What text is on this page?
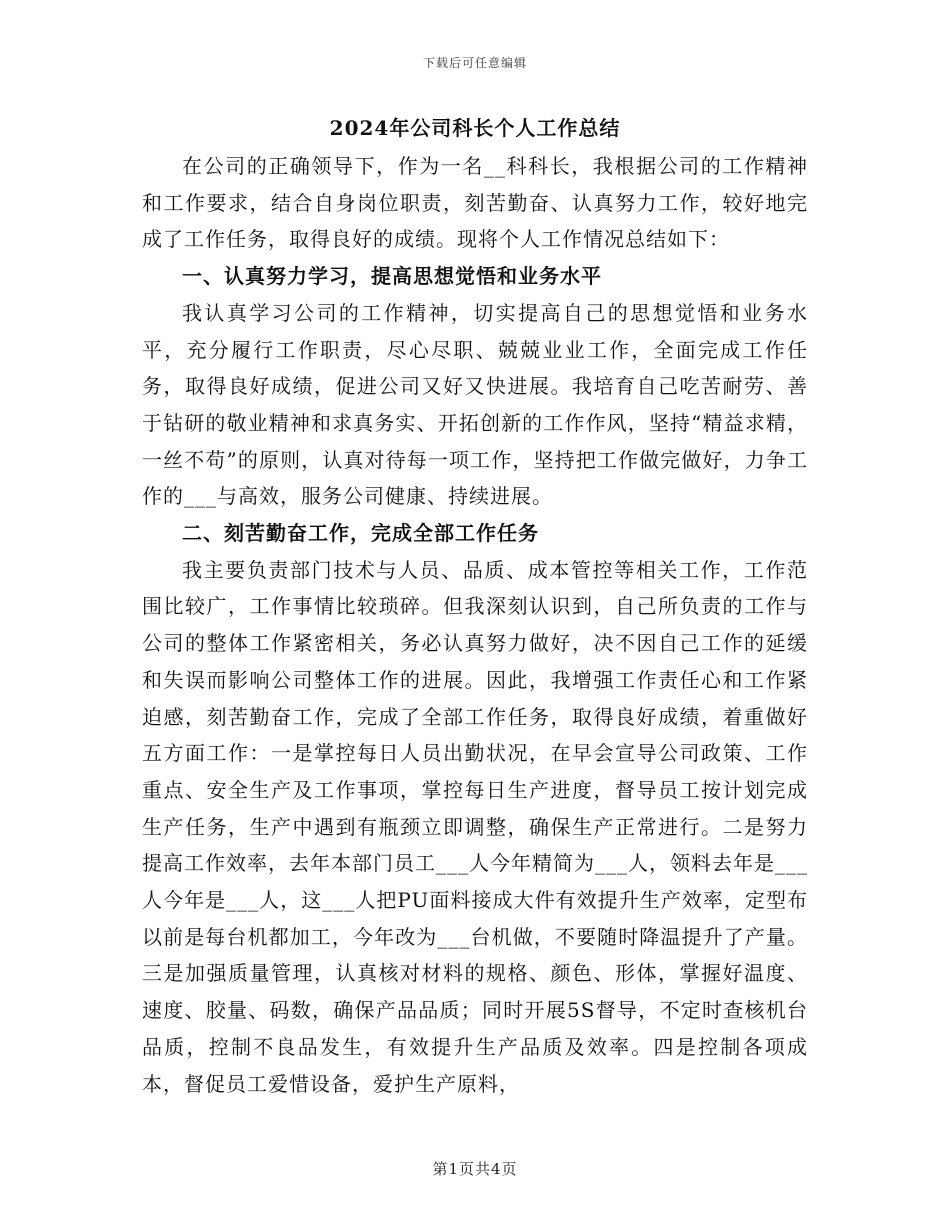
下载后可任意编辑
2024年公司科长个人工作总结

在公司的正确领导下，作为一名__科科长，我根据公司的工作精神和工作要求，结合自身岗位职责，刻苦勤奋、认真努力工作，较好地完成了工作任务，取得良好的成绩。现将个人工作情况总结如下：

一、认真努力学习，提高思想觉悟和业务水平

我认真学习公司的工作精神，切实提高自己的思想觉悟和业务水平，充分履行工作职责，尽心尽职、兢兢业业工作，全面完成工作任务，取得良好成绩，促进公司又好又快进展。我培育自己吃苦耐劳、善于钻研的敬业精神和求真务实、开拓创新的工作作风，坚持“精益求精，一丝不苟”的原则，认真对待每一项工作，坚持把工作做完做好，力争工作的___与高效，服务公司健康、持续进展。

二、刻苦勤奋工作，完成全部工作任务

我主要负责部门技术与人员、品质、成本管控等相关工作，工作范围比较广，工作事情比较琐碎。但我深刻认识到，自己所负责的工作与公司的整体工作紧密相关，务必认真努力做好，决不因自己工作的延缓和失误而影响公司整体工作的进展。因此，我增强工作责任心和工作紧迫感，刻苦勤奋工作，完成了全部工作任务，取得良好成绩，着重做好五方面工作：一是掌控每日人员出勤状况，在早会宣导公司政策、工作重点、安全生产及工作事项，掌控每日生产进度，督导员工按计划完成生产任务，生产中遇到有瓶颈立即调整，确保生产正常进行。二是努力提高工作效率，去年本部门员工___人今年精简为___人，领料去年是___人今年是___人，这___人把PU面料接成大件有效提升生产效率，定型布以前是每台机都加工，今年改为___台机做，不要随时降温提升了产量。三是加强质量管理，认真核对材料的规格、颜色、形体，掌握好温度、速度、胶量、码数，确保产品品质；同时开展5S督导，不定时查核机台品质，控制不良品发生，有效提升生产品质及效率。四是控制各项成本，督促员工爱惜设备，爱护生产原料，

第1页共4页
